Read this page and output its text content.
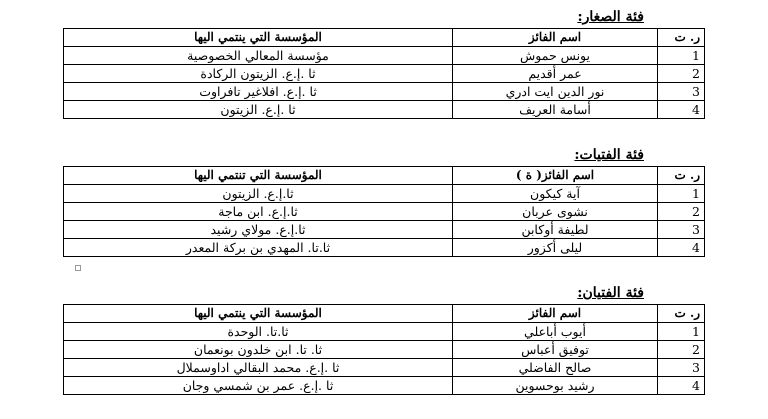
فئة الصغار:
ر. ت	اسم الفائز	المؤسسة التي ينتمي اليها
1	يونس حموش	مؤسسة المعالي الخصوصية
2	عمر أقديم	ثا .إ.ع. الزيتون الركادة
3	نور الدين ايت ادري	ثا .إ.ع. افلاغير تافراوت
4	أسامة العريف	ثا .إ.ع. الزيتون
فئة الفتيات:
ر. ت	اسم الفائز( ة )	المؤسسة التي تنتمي اليها
1	آية كيكون	ثا.إ.ع. الزيتون
2	نشوى عربان	ثا.إ.ع. ابن ماجة
3	لطيفة أوكابن	ثا.إ.ع. مولاي رشيد
4	ليلى أكزور	ثا.تا. المهدي بن بركة المعدر
فئة الفتيان:
ر. ت	اسم الفائز	المؤسسة التي ينتمي اليها
1	أيوب أباعلي	ثا.تا. الوحدة
2	توفيق أعباس	ثا. تا. ابن خلدون بونعمان
3	صالح الفاضلي	ثا .إ.ع. محمد البقالي اداوسملال
4	رشيد بوحسوين	ثا .إ.ع. عمر بن شمسي وجان
